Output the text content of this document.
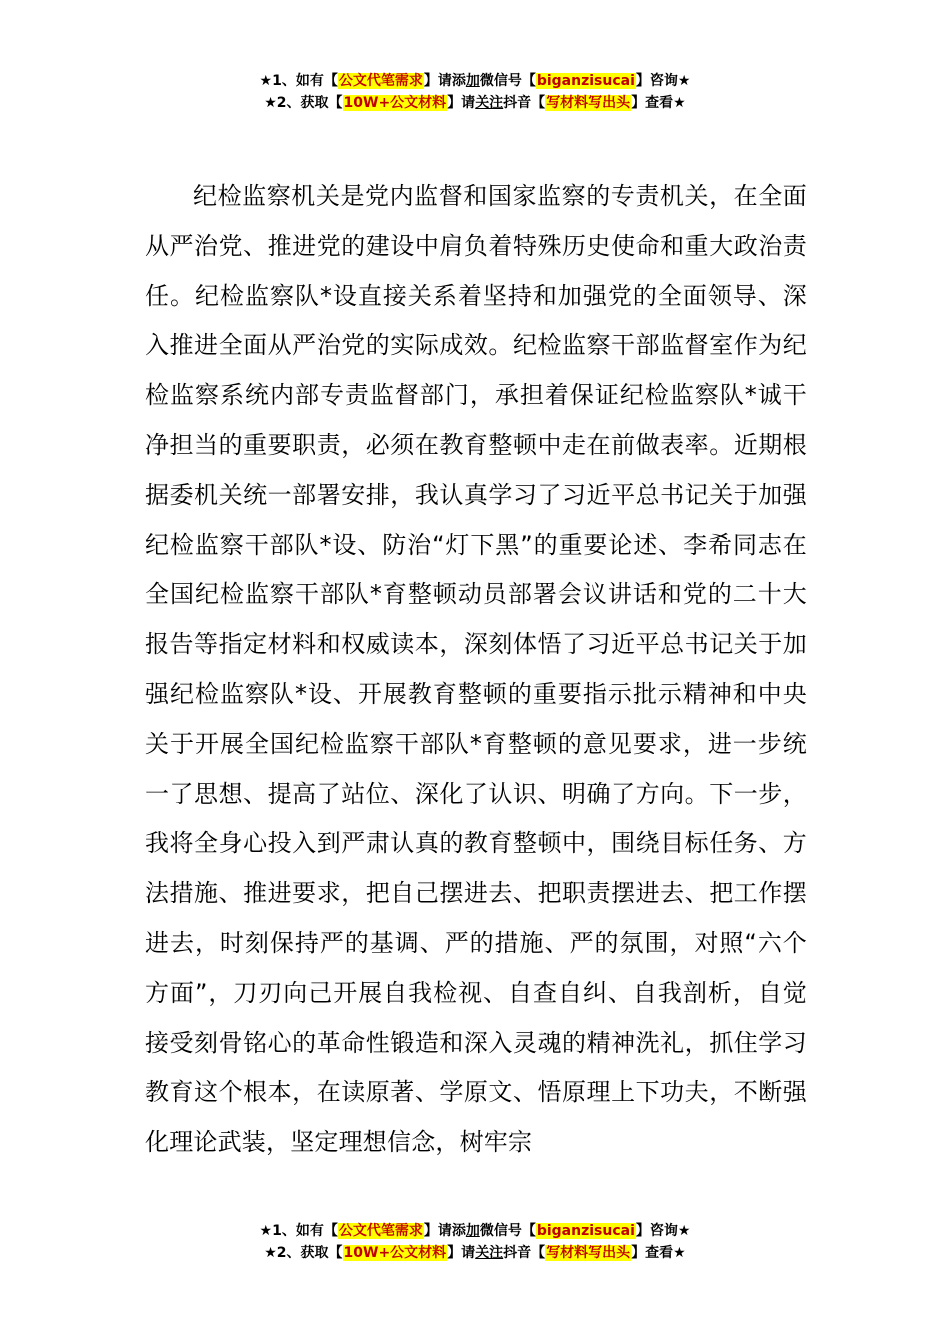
★1、如有【公文代笔需求】请添加微信号【biganzisucai】咨询★
★2、获取【10W+公文材料】请关注抖音【写材料写出头】查看★

纪检监察机关是党内监督和国家监察的专责机关，在全面从严治党、推进党的建设中肩负着特殊历史使命和重大政治责任。纪检监察队*设直接关系着坚持和加强党的全面领导、深入推进全面从严治党的实际成效。纪检监察干部监督室作为纪检监察系统内部专责监督部门，承担着保证纪检监察队*诚干净担当的重要职责，必须在教育整顿中走在前做表率。近期根据委机关统一部署安排，我认真学习了习近平总书记关于加强纪检监察干部队*设、防治“灯下黑”的重要论述、李希同志在全国纪检监察干部队*育整顿动员部署会议讲话和党的二十大报告等指定材料和权威读本，深刻体悟了习近平总书记关于加强纪检监察队*设、开展教育整顿的重要指示批示精神和中央关于开展全国纪检监察干部队*育整顿的意见要求，进一步统一了思想、提高了站位、深化了认识、明确了方向。下一步，我将全身心投入到严肃认真的教育整顿中，围绕目标任务、方法措施、推进要求，把自己摆进去、把职责摆进去、把工作摆进去，时刻保持严的基调、严的措施、严的氛围，对照“六个方面”，刀刃向己开展自我检视、自查自纠、自我剖析，自觉接受刻骨铭心的革命性锻造和深入灵魂的精神洗礼，抓住学习教育这个根本，在读原著、学原文、悟原理上下功夫，不断强化理论武装，坚定理想信念，树牢宗

★1、如有【公文代笔需求】请添加微信号【biganzisucai】咨询★
★2、获取【10W+公文材料】请关注抖音【写材料写出头】查看★
